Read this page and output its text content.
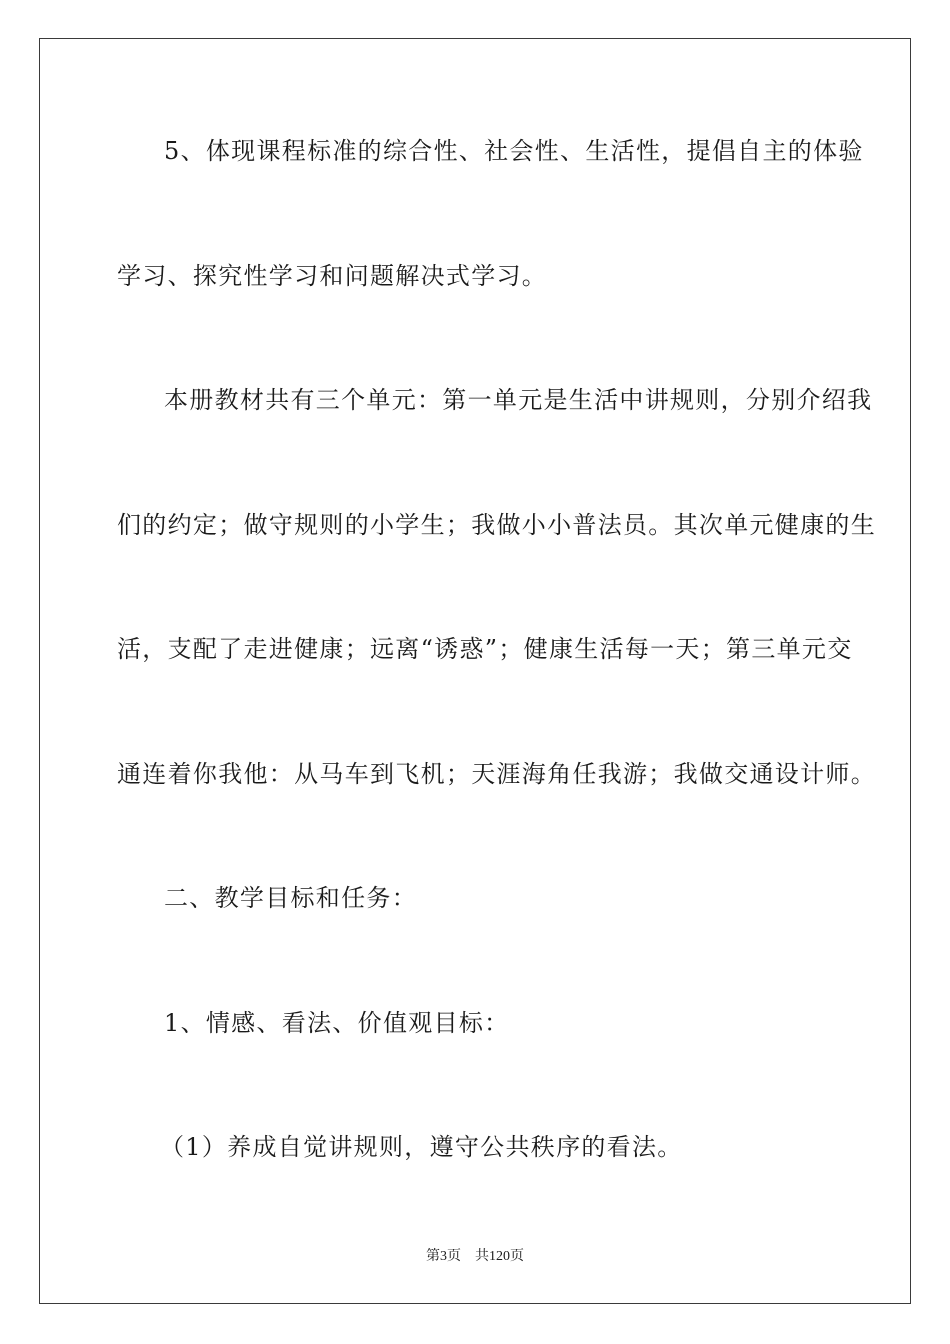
5、体现课程标准的综合性、社会性、生活性，提倡自主的体验
学习、探究性学习和问题解决式学习。
本册教材共有三个单元：第一单元是生活中讲规则，分别介绍我
们的约定；做守规则的小学生；我做小小普法员。其次单元健康的生
活，支配了走进健康；远离“诱惑”；健康生活每一天；第三单元交
通连着你我他：从马车到飞机；天涯海角任我游；我做交通设计师。
二、教学目标和任务：
1、情感、看法、价值观目标：
（1）养成自觉讲规则，遵守公共秩序的看法。
第3页 共120页
